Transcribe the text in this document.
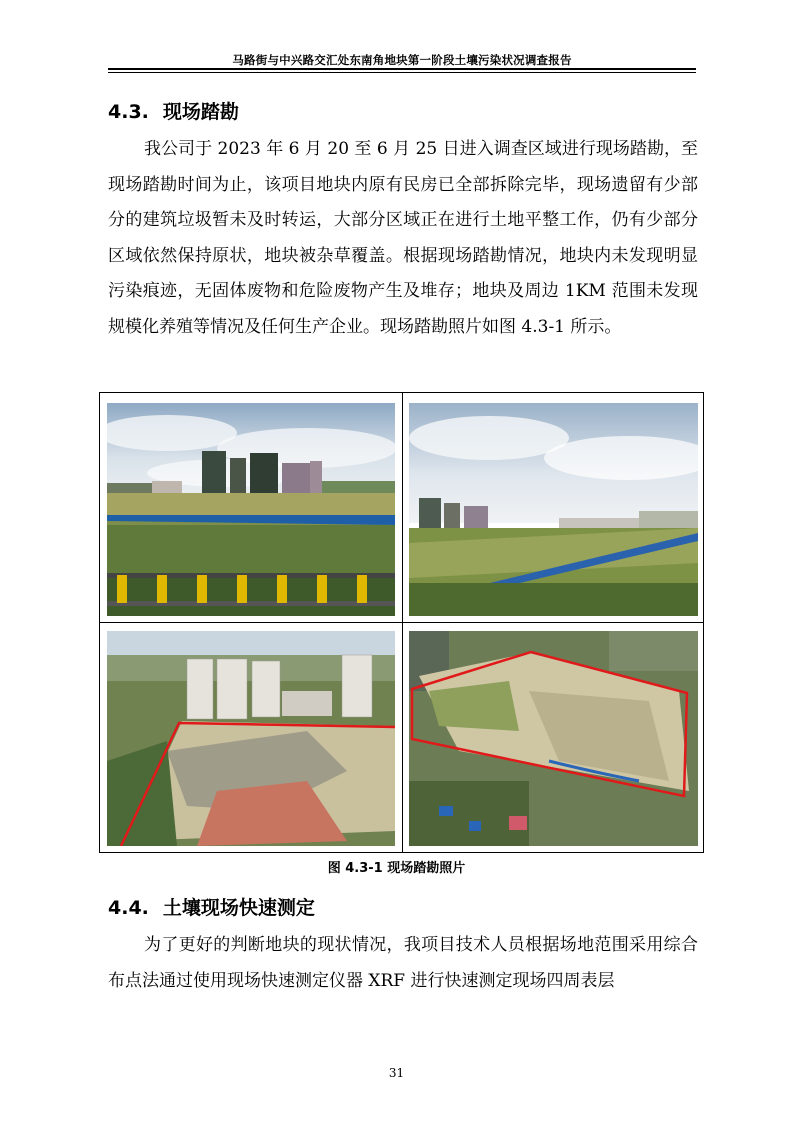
马路街与中兴路交汇处东南角地块第一阶段土壤污染状况调查报告
4.3. 现场踏勘

我公司于 2023 年 6 月 20 至 6 月 25 日进入调查区域进行现场踏勘，至现场踏勘时间为止，该项目地块内原有民房已全部拆除完毕，现场遗留有少部分的建筑垃圾暂未及时转运，大部分区域正在进行土地平整工作，仍有少部分区域依然保持原状，地块被杂草覆盖。根据现场踏勘情况，地块内未发现明显污染痕迹，无固体废物和危险废物产生及堆存；地块及周边 1KM 范围未发现规模化养殖等情况及任何生产企业。现场踏勘照片如图 4.3-1 所示。

图 4.3-1 现场踏勘照片
4.4. 土壤现场快速测定

为了更好的判断地块的现状情况，我项目技术人员根据场地范围采用综合布点法通过使用现场快速测定仪器 XRF 进行快速测定现场四周表层

31
